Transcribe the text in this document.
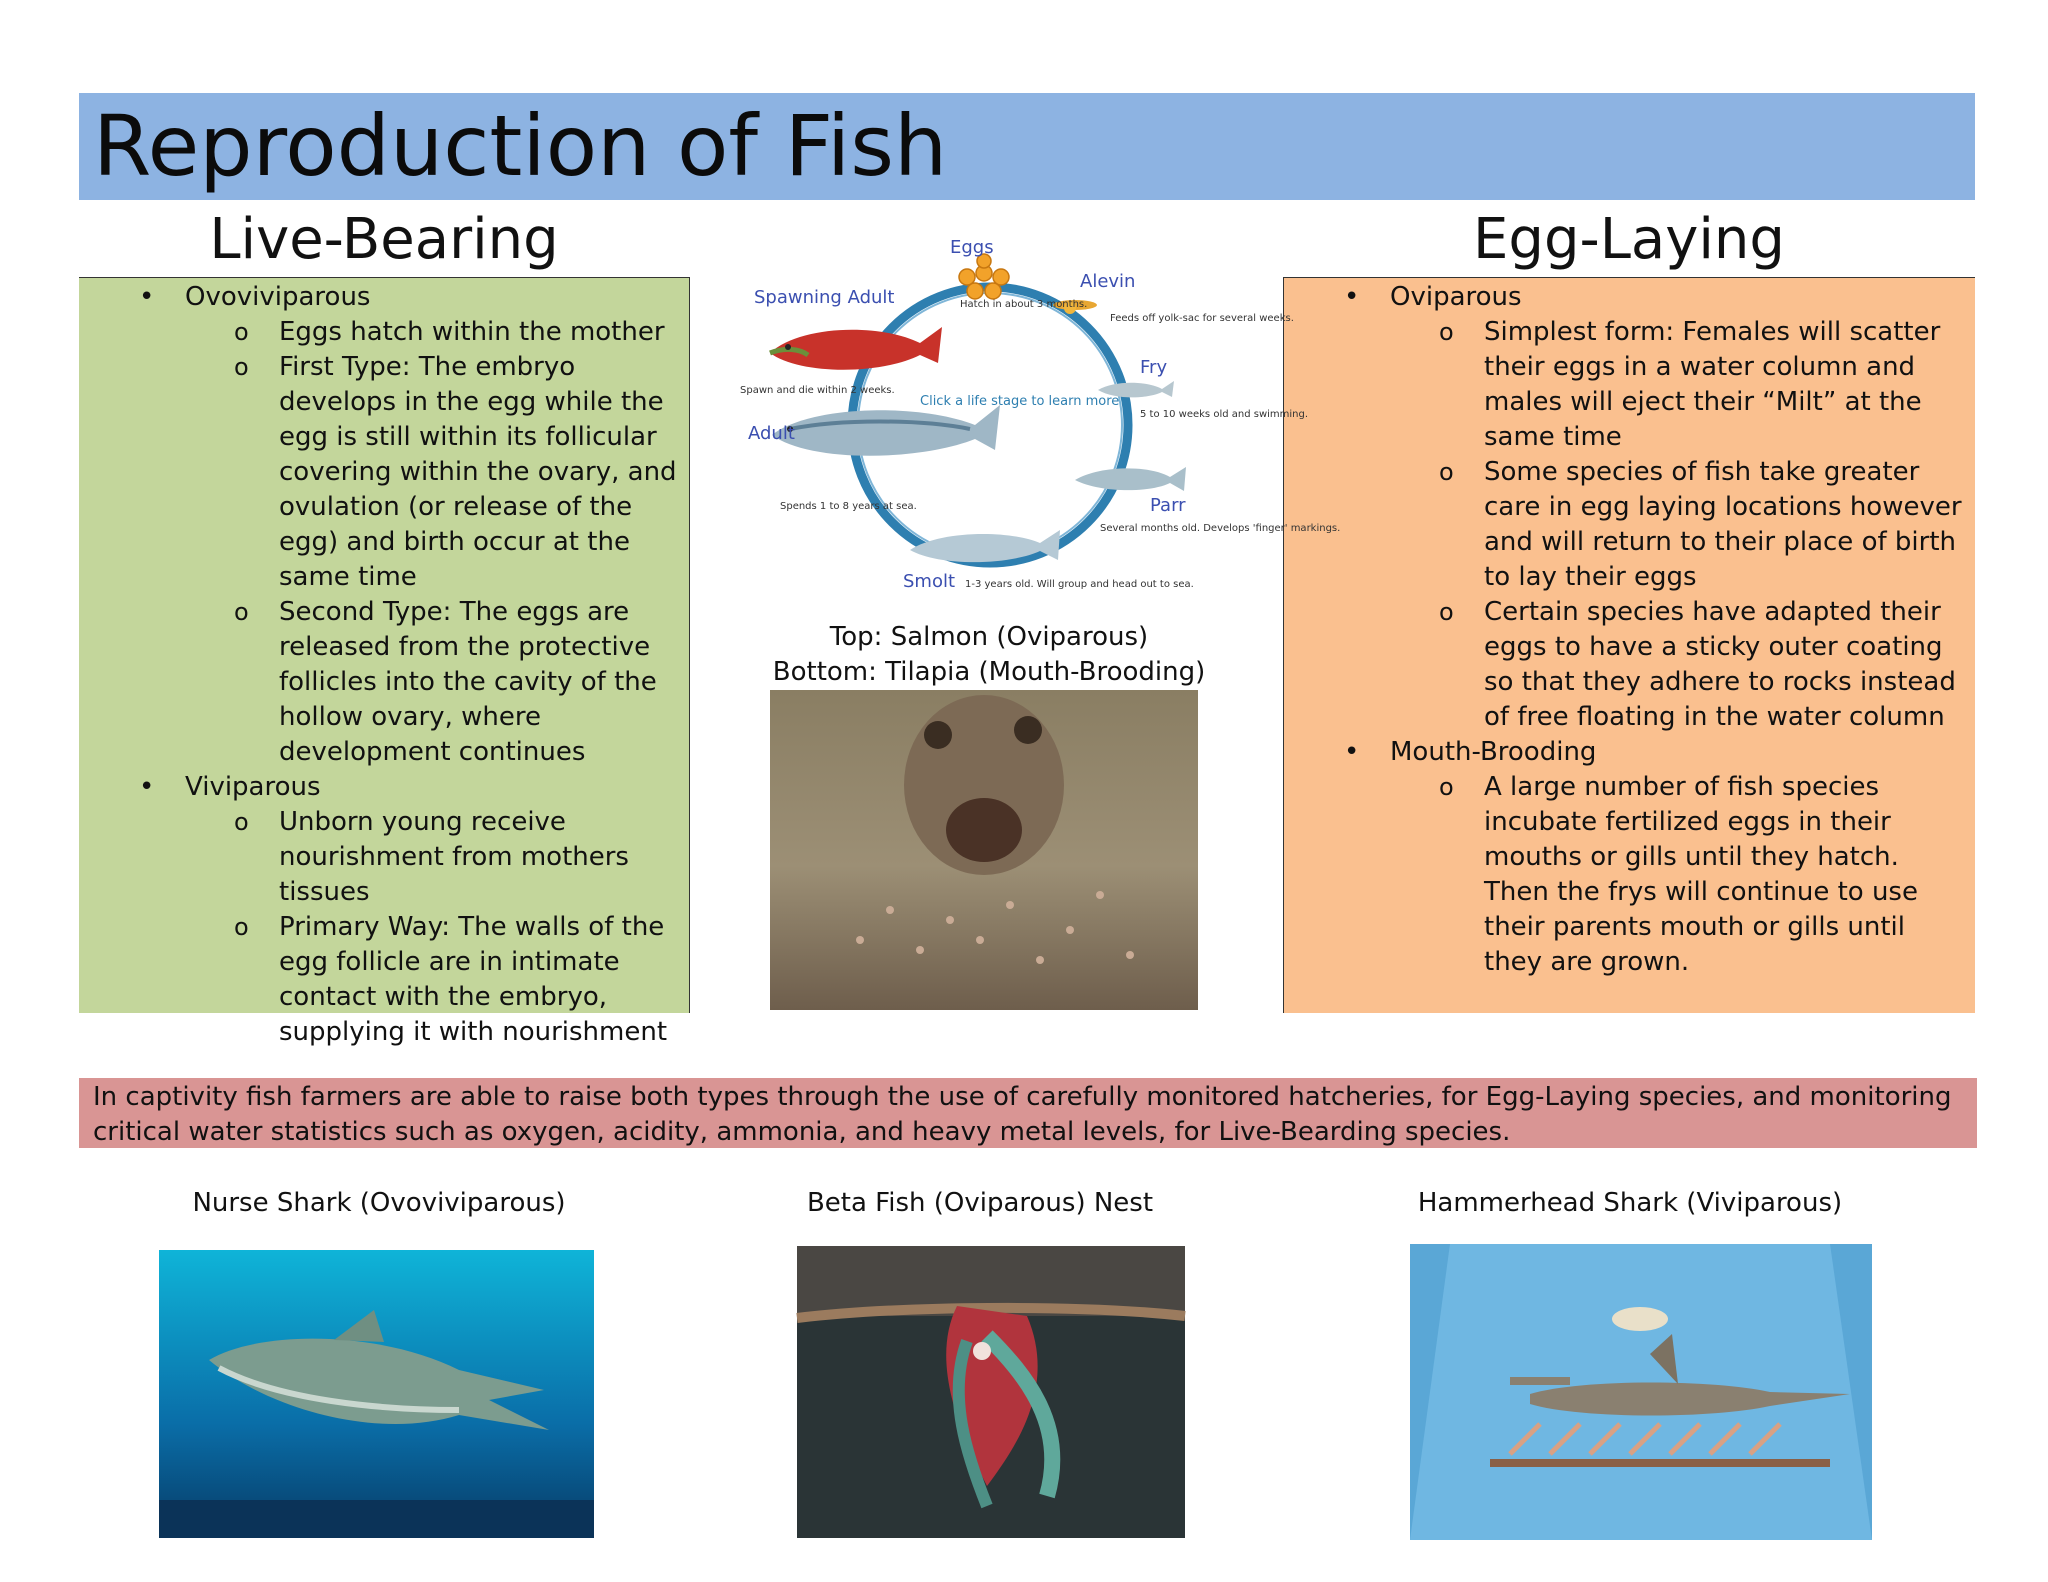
Reproduction of Fish
Live-Bearing	Egg-Laying
• Ovoviviparous
o Eggs hatch within the mother
o First Type: The embryo develops in the egg while the egg is still within its follicular covering within the ovary, and ovulation (or release of the egg) and birth occur at the same time
o Second Type: The eggs are released from the protective follicles into the cavity of the hollow ovary, where development continues
• Viviparous
o Unborn young receive nourishment from mothers tissues
o Primary Way: The walls of the egg follicle are in intimate contact with the embryo, supplying it with nourishment
• Oviparous
o Simplest form: Females will scatter their eggs in a water column and males will eject their “Milt” at the same time
o Some species of fish take greater care in egg laying locations however and will return to their place of birth to lay their eggs
o Certain species have adapted their eggs to have a sticky outer coating so that they adhere to rocks instead of free floating in the water column
• Mouth-Brooding
o A large number of fish species incubate fertilized eggs in their mouths or gills until they hatch. Then the frys will continue to use their parents mouth or gills until they are grown.
Eggs
Hatch in about 3 months.
Alevin
Feeds off yolk-sac for several weeks.
Fry
5 to 10 weeks old and swimming.
Parr
Several months old. Develops 'finger' markings.
Smolt 1-3 years old. Will group and head out to sea.
Adult
Spends 1 to 8 years at sea.
Spawning Adult
Spawn and die within 2 weeks.
Click a life stage to learn more
Top: Salmon (Oviparous)
Bottom: Tilapia (Mouth-Brooding)
In captivity fish farmers are able to raise both types through the use of carefully monitored hatcheries, for Egg-Laying species, and monitoring critical water statistics such as oxygen, acidity, ammonia, and heavy metal levels, for Live-Bearding species.
Nurse Shark (Ovoviviparous)	Beta Fish (Oviparous) Nest	Hammerhead Shark (Viviparous)
